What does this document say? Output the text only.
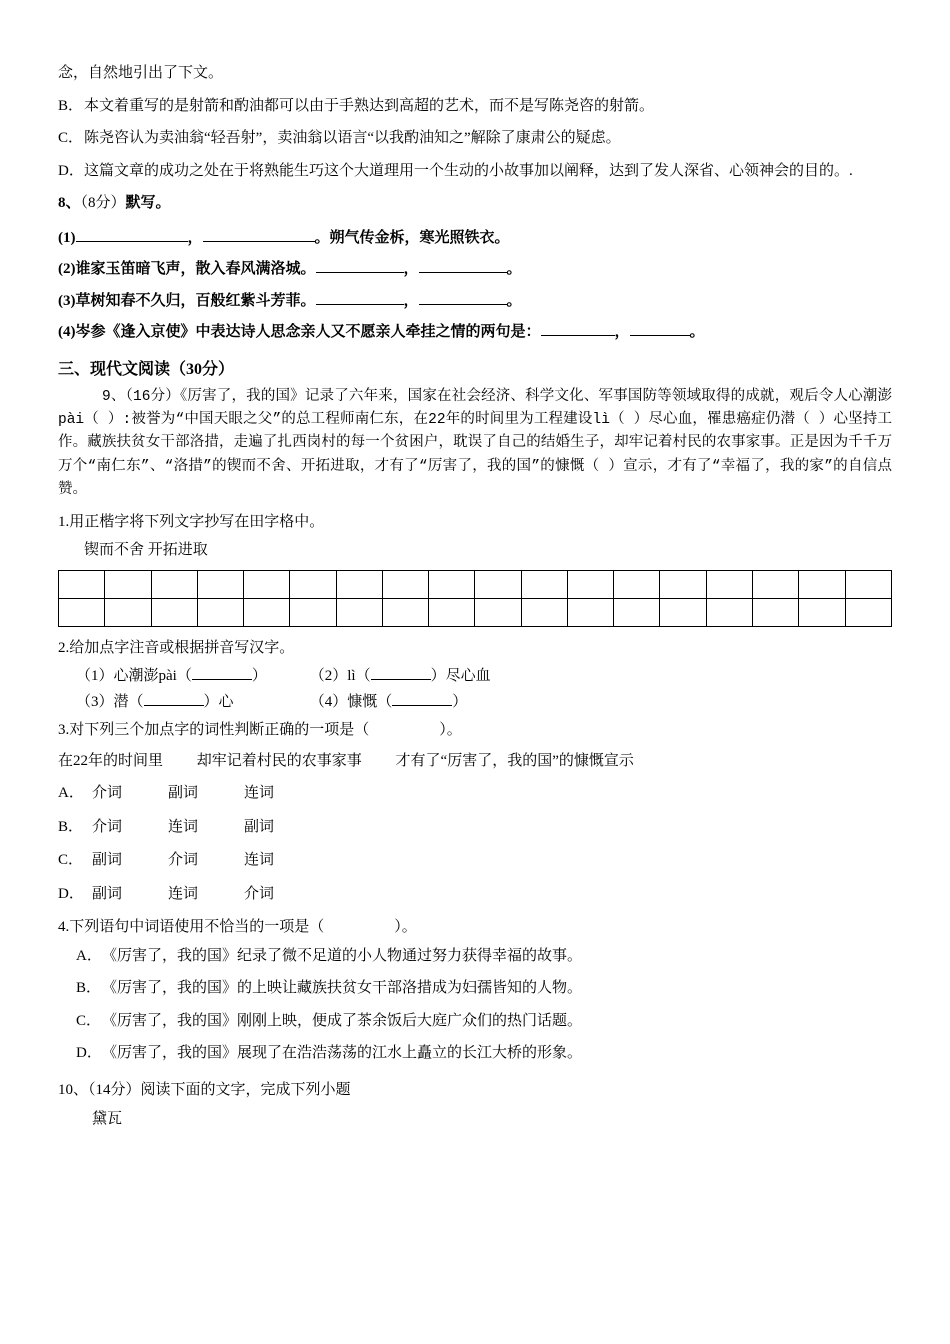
念，自然地引出了下文。

B．本文着重写的是射箭和酌油都可以由于手熟达到高超的艺术，而不是写陈尧咨的射箭。

C．陈尧咨认为卖油翁“轻吾射”，卖油翁以语言“以我酌油知之”解除了康肃公的疑虑。

D．这篇文章的成功之处在于将熟能生巧这个大道理用一个生动的小故事加以阐释，达到了发人深省、心领神会的目的。.

8、（8分）默写。

(1)	，	。朔气传金柝，寒光照铁衣。

(2)谁家玉笛暗飞声，散入春风满洛城。	，	。

(3)草树知春不久归，百般红紫斗芳菲。	，	。

(4)岑参《逢入京使》中表达诗人思念亲人又不愿亲人牵挂之情的两句是：	，	。

三、现代文阅读（30分）

9、（16分）《厉害了，我的国》记录了六年来，国家在社会经济、科学文化、军事国防等领域取得的成就，观后令人心潮澎pài（ ）:被誉为“中国天眼之父”的总工程师南仁东，在22年的时间里为工程建设lì（ ）尽心血，罹患癌症仍潜（ ）心坚持工作。藏族扶贫女干部洛措，走遍了扎西岗村的每一个贫困户，耽误了自己的结婚生子，却牢记着村民的农事家事。正是因为千千万万个“南仁东”、“洛措”的锲而不舍、开拓进取，才有了“厉害了，我的国”的慷慨（ ）宣示，才有了“幸福了，我的家”的自信点赞。

1.用正楷字将下列文字抄写在田字格中。

锲而不舍 开拓进取

2.给加点字注音或根据拼音写汉字。

（1）心潮澎pài（	）	（2）lì（	）尽心血

（3）潜（	）心	（4）慷慨（	）

3.对下列三个加点字的词性判断正确的一项是（	）。

在22年的时间里 却牢记着村民的农事家事 才有了“厉害了，我的国”的慷慨宣示

A． 介词	副词	连词

B． 介词	连词	副词

C． 副词	介词	连词

D． 副词	连词	介词

4.下列语句中词语使用不恰当的一项是（	）。

A．《厉害了，我的国》纪录了微不足道的小人物通过努力获得幸福的故事。

B．《厉害了，我的国》的上映让藏族扶贫女干部洛措成为妇孺皆知的人物。

C．《厉害了，我的国》刚刚上映，便成了茶余饭后大庭广众们的热门话题。

D．《厉害了，我的国》展现了在浩浩荡荡的江水上矗立的长江大桥的形象。

10、（14分）阅读下面的文字，完成下列小题

黛瓦
